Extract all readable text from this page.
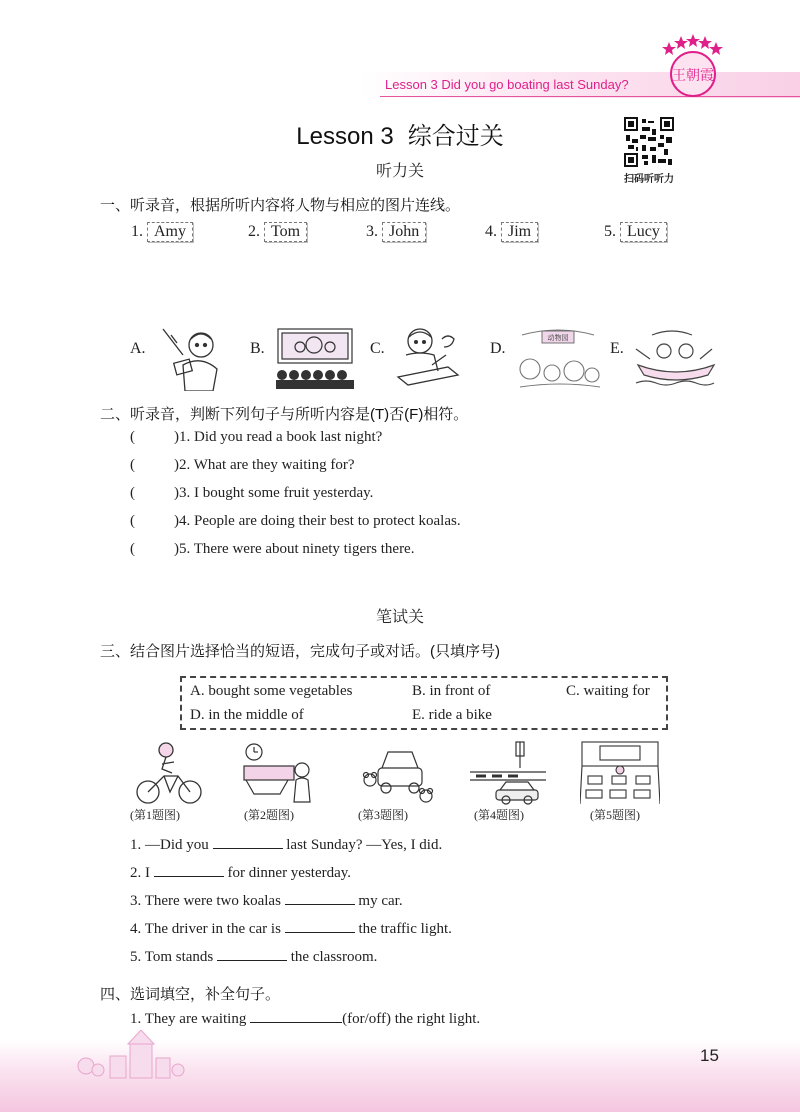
Lesson 3 Did you go boating last Sunday?
王朝霞
Lesson 3 综合过关
听力关	扫码听听力
一、听录音，根据所听内容将人物与相应的图片连线。
1. Amy	2. Tom	3. John	4. Jim	5. Lucy
A.	B.	C.	D.
动物园
E.
二、听录音，判断下列句子与所听内容是(T)否(F)相符。
(	)1. Did you read a book last night?
(	)2. What are they waiting for?
(	)3. I bought some fruit yesterday.
(	)4. People are doing their best to protect koalas.
(	)5. There were about ninety tigers there.
笔试关
三、结合图片选择恰当的短语，完成句子或对话。(只填序号)
A. bought some vegetables	B. in front of	C. waiting for
D. in the middle of	E. ride a bike
(第1题图)	(第2题图)	(第3题图)	(第4题图)	(第5题图)
1. —Did you	last Sunday? —Yes, I did.
2. I	for dinner yesterday.
3. There were two koalas	my car.
4. The driver in the car is	the traffic light.
5. Tom stands	the classroom.
四、选词填空，补全句子。
1. They are waiting	(for/off) the right light.
15
